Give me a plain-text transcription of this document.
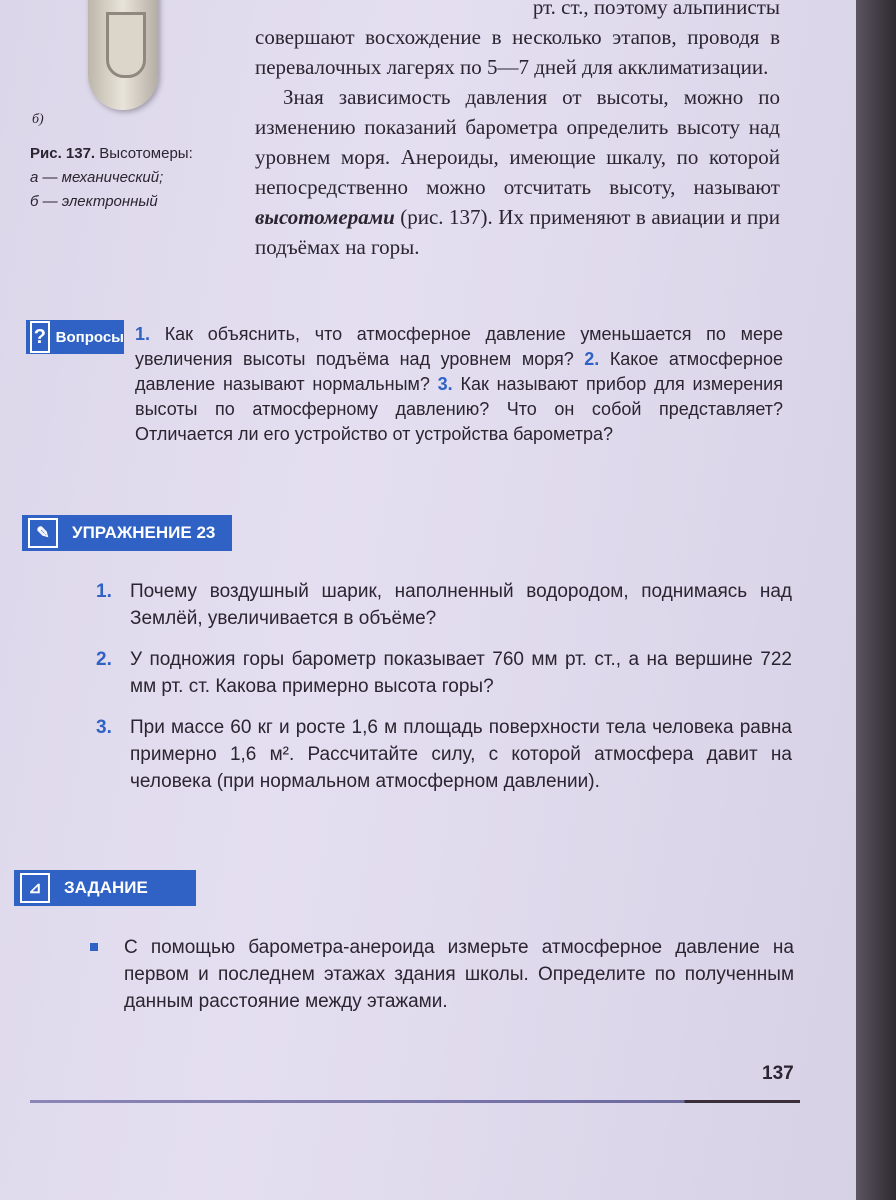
б)
Рис. 137. Высотомеры:
а — механический;
б — электронный

рт. ст., поэтому альпинисты

совершают восхождение в несколько этапов, проводя в перевалочных лагерях по 5—7 дней для акклиматизации.

Зная зависимость давления от высоты, можно по изменению показаний барометра определить высоту над уровнем моря. Анероиды, имеющие шкалу, по которой непосредственно можно отсчитать высоту, называют высотомерами (рис. 137). Их применяют в авиации и при подъёмах на горы.

? Вопросы 1. Как объяснить, что атмосферное давление уменьшается по мере увеличения высоты подъёма над уровнем моря? 2. Какое атмосферное давление называют нормальным? 3. Как называют прибор для измерения высоты по атмосферному давлению? Что он собой представляет? Отличается ли его устройство от устройства барометра?
✎	УПРАЖНЕНИЕ 23
1. Почему воздушный шарик, наполненный водородом, поднимаясь над Землёй, увеличивается в объёме?
2. У подножия горы барометр показывает 760 мм рт. ст., а на вершине 722 мм рт. ст. Какова примерно высота горы?
3. При массе 60 кг и росте 1,6 м площадь поверхности тела человека равна примерно 1,6 м². Рассчитайте силу, с которой атмосфера давит на человека (при нормальном атмосферном давлении).
⊿	ЗАДАНИЕ
С помощью барометра-анероида измерьте атмосферное давление на первом и последнем этажах здания школы. Определите по полученным данным расстояние между этажами.
137
